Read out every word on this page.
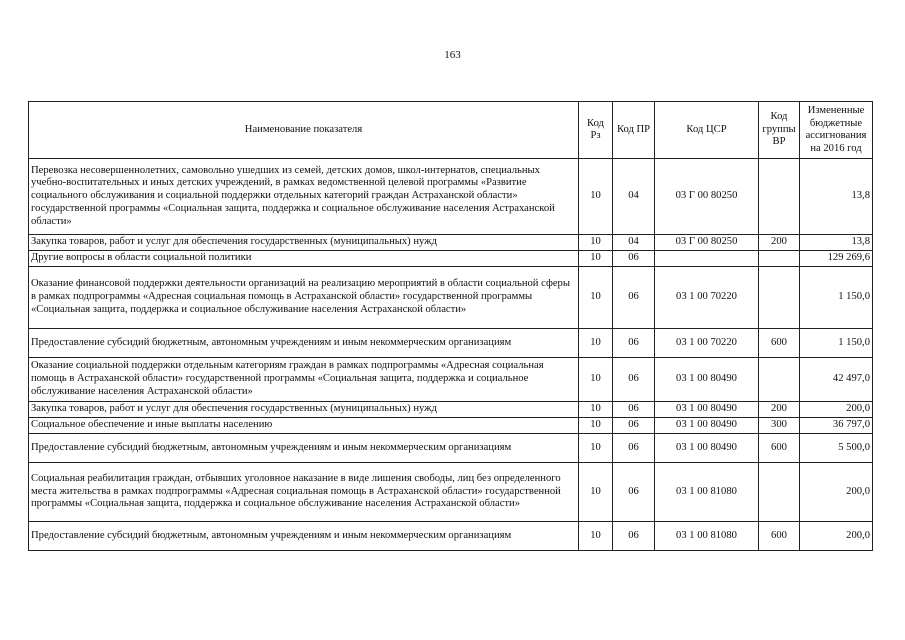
163
Наименование показателя	Код Рз	Код ПР	Код ЦСР	Код группы ВР	Измененные бюджетные ассигнования на 2016 год
Перевозка несовершеннолетних, самовольно ушедших из семей, детских домов, школ-интернатов, специальных учебно-воспитательных и иных детских учреждений, в рамках ведомственной целевой программы «Развитие социального обслуживания и социальной поддержки отдельных категорий граждан Астраханской области» государственной программы «Социальная защита, поддержка и социальное обслуживание населения Астраханской области»	10	04	03 Г 00 80250		13,8
Закупка товаров, работ и услуг для обеспечения государственных (муниципальных) нужд	10	04	03 Г 00 80250	200	13,8
Другие вопросы в области социальной политики	10	06			129 269,6
Оказание финансовой поддержки деятельности организаций на реализацию мероприятий в области социальной сферы в рамках подпрограммы «Адресная социальная помощь в Астраханской области» государственной программы «Социальная защита, поддержка и социальное обслуживание населения Астраханской области»	10	06	03 1 00 70220		1 150,0
Предоставление субсидий бюджетным, автономным учреждениям и иным некоммерческим организациям	10	06	03 1 00 70220	600	1 150,0
Оказание социальной поддержки отдельным категориям граждан в рамках подпрограммы «Адресная социальная помощь в Астраханской области» государственной программы «Социальная защита, поддержка и социальное обслуживание населения Астраханской области»	10	06	03 1 00 80490		42 497,0
Закупка товаров, работ и услуг для обеспечения государственных (муниципальных) нужд	10	06	03 1 00 80490	200	200,0
Социальное обеспечение и иные выплаты населению	10	06	03 1 00 80490	300	36 797,0
Предоставление субсидий бюджетным, автономным учреждениям и иным некоммерческим организациям	10	06	03 1 00 80490	600	5 500,0
Социальная реабилитация граждан, отбывших уголовное наказание в виде лишения свободы, лиц без определенного места жительства в рамках подпрограммы «Адресная социальная помощь в Астраханской области» государственной программы «Социальная защита, поддержка и социальное обслуживание населения Астраханской области»	10	06	03 1 00 81080		200,0
Предоставление субсидий бюджетным, автономным учреждениям и иным некоммерческим организациям	10	06	03 1 00 81080	600	200,0
